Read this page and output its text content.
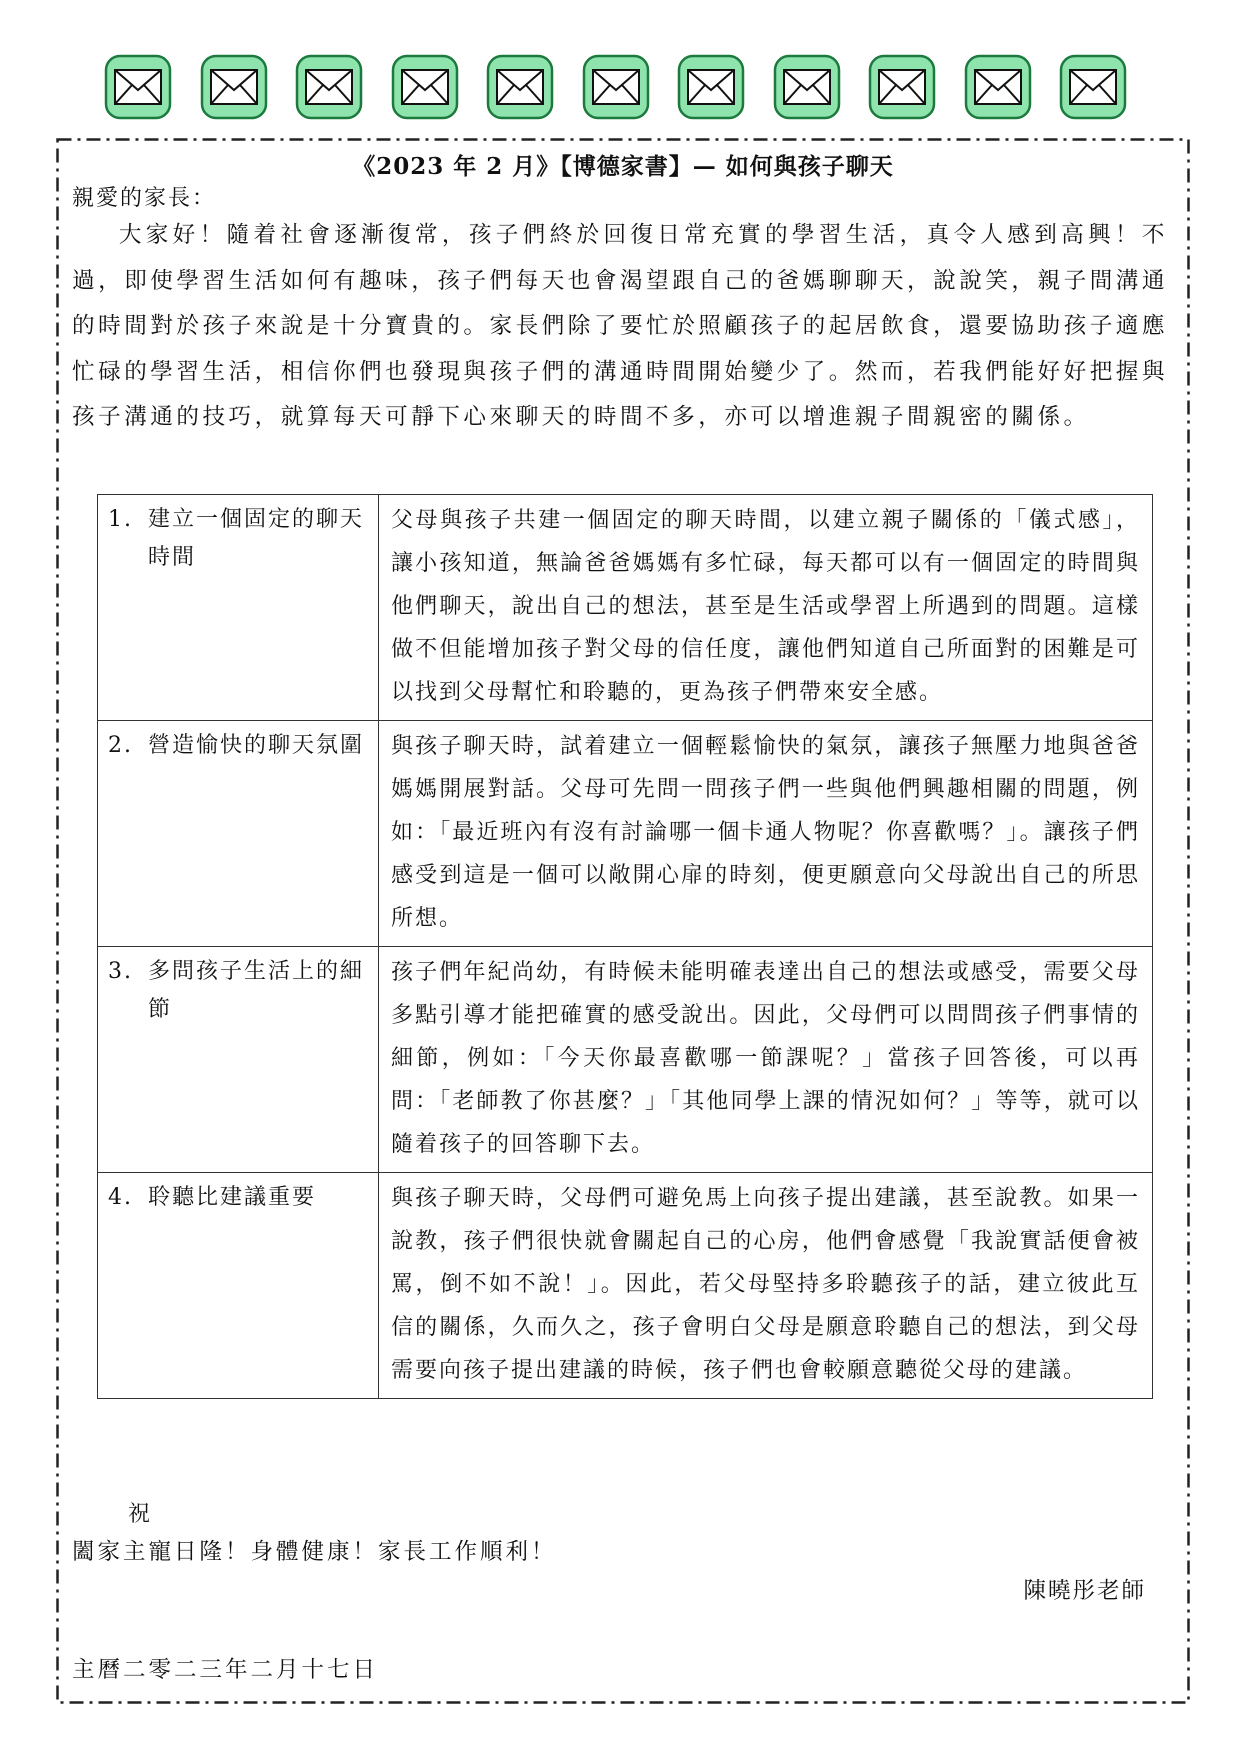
《2023 年 2 月》【博德家書】— 如何與孩子聊天
親愛的家長：
大家好！隨着社會逐漸復常，孩子們終於回復日常充實的學習生活，真令人感到高興！不過，即使學習生活如何有趣味，孩子們每天也會渴望跟自己的爸媽聊聊天，說說笑，親子間溝通的時間對於孩子來說是十分寶貴的。家長們除了要忙於照顧孩子的起居飲食，還要協助孩子適應忙碌的學習生活，相信你們也發現與孩子們的溝通時間開始變少了。然而，若我們能好好把握與孩子溝通的技巧，就算每天可靜下心來聊天的時間不多，亦可以增進親子間親密的關係。
1. 建立一個固定的聊天時間	父母與孩子共建一個固定的聊天時間，以建立親子關係的「儀式感」，讓小孩知道，無論爸爸媽媽有多忙碌，每天都可以有一個固定的時間與他們聊天，說出自己的想法，甚至是生活或學習上所遇到的問題。這樣做不但能增加孩子對父母的信任度，讓他們知道自己所面對的困難是可以找到父母幫忙和聆聽的，更為孩子們帶來安全感。

2. 營造愉快的聊天氛圍	與孩子聊天時，試着建立一個輕鬆愉快的氣氛，讓孩子無壓力地與爸爸媽媽開展對話。父母可先問一問孩子們一些與他們興趣相關的問題，例如：「最近班內有沒有討論哪一個卡通人物呢？你喜歡嗎？」。讓孩子們感受到這是一個可以敞開心扉的時刻，便更願意向父母說出自己的所思所想。

3. 多問孩子生活上的細節	孩子們年紀尚幼，有時候未能明確表達出自己的想法或感受，需要父母多點引導才能把確實的感受說出。因此，父母們可以問問孩子們事情的細節，例如：「今天你最喜歡哪一節課呢？」當孩子回答後，可以再問：「老師教了你甚麼？」「其他同學上課的情況如何？」等等，就可以隨着孩子的回答聊下去。

4. 聆聽比建議重要	與孩子聊天時，父母們可避免馬上向孩子提出建議，甚至說教。如果一說教，孩子們很快就會關起自己的心房，他們會感覺「我說實話便會被罵，倒不如不說！」。因此，若父母堅持多聆聽孩子的話，建立彼此互信的關係，久而久之，孩子會明白父母是願意聆聽自己的想法，到父母需要向孩子提出建議的時候，孩子們也會較願意聽從父母的建議。
祝
闔家主寵日隆！身體健康！家長工作順利！
陳曉彤老師
主曆二零二三年二月十七日
